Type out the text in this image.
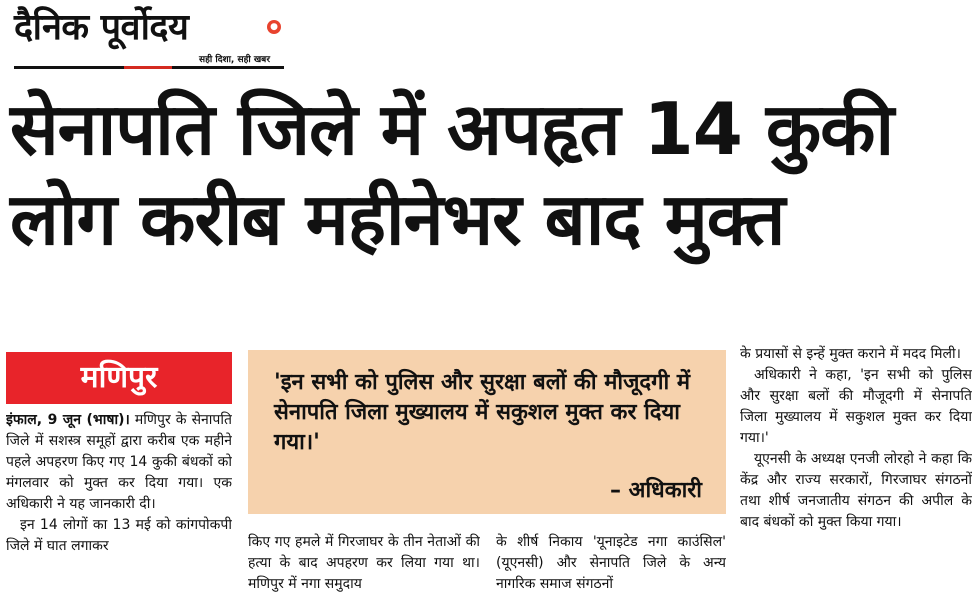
दैनिक पूर्वोदय	●
सही दिशा, सही खबर
सेनापति जिले में अपहृत 14 कुकी
लोग करीब महीनेभर बाद मुक्त
मणिपुर

इंफाल, 9 जून (भाषा)। मणिपुर के सेनापति जिले में सशस्त्र समूहों द्वारा करीब एक महीने पहले अपहरण किए गए 14 कुकी बंधकों को मंगलवार को मुक्त कर दिया गया। एक अधिकारी ने यह जानकारी दी।

इन 14 लोगों का 13 मई को कांगपोकपी जिले में घात लगाकर

'इन सभी को पुलिस और सुरक्षा बलों की मौजूदगी में सेनापति जिला मुख्यालय में सकुशल मुक्त कर दिया गया।'
– अधिकारी
किए गए हमले में गिरजाघर के तीन नेताओं की हत्या के बाद अपहरण कर लिया गया था। मणिपुर में नगा समुदाय
के शीर्ष निकाय 'यूनाइटेड नगा काउंसिल' (यूएनसी) और सेनापति जिले के अन्य नागरिक समाज संगठनों

के प्रयासों से इन्हें मुक्त कराने में मदद मिली।

अधिकारी ने कहा, 'इन सभी को पुलिस और सुरक्षा बलों की मौजूदगी में सेनापति जिला मुख्यालय में सकुशल मुक्त कर दिया गया।'

यूएनसी के अध्यक्ष एनजी लोरहो ने कहा कि केंद्र और राज्य सरकारों, गिरजाघर संगठनों तथा शीर्ष जनजातीय संगठन की अपील के बाद बंधकों को मुक्त किया गया।
